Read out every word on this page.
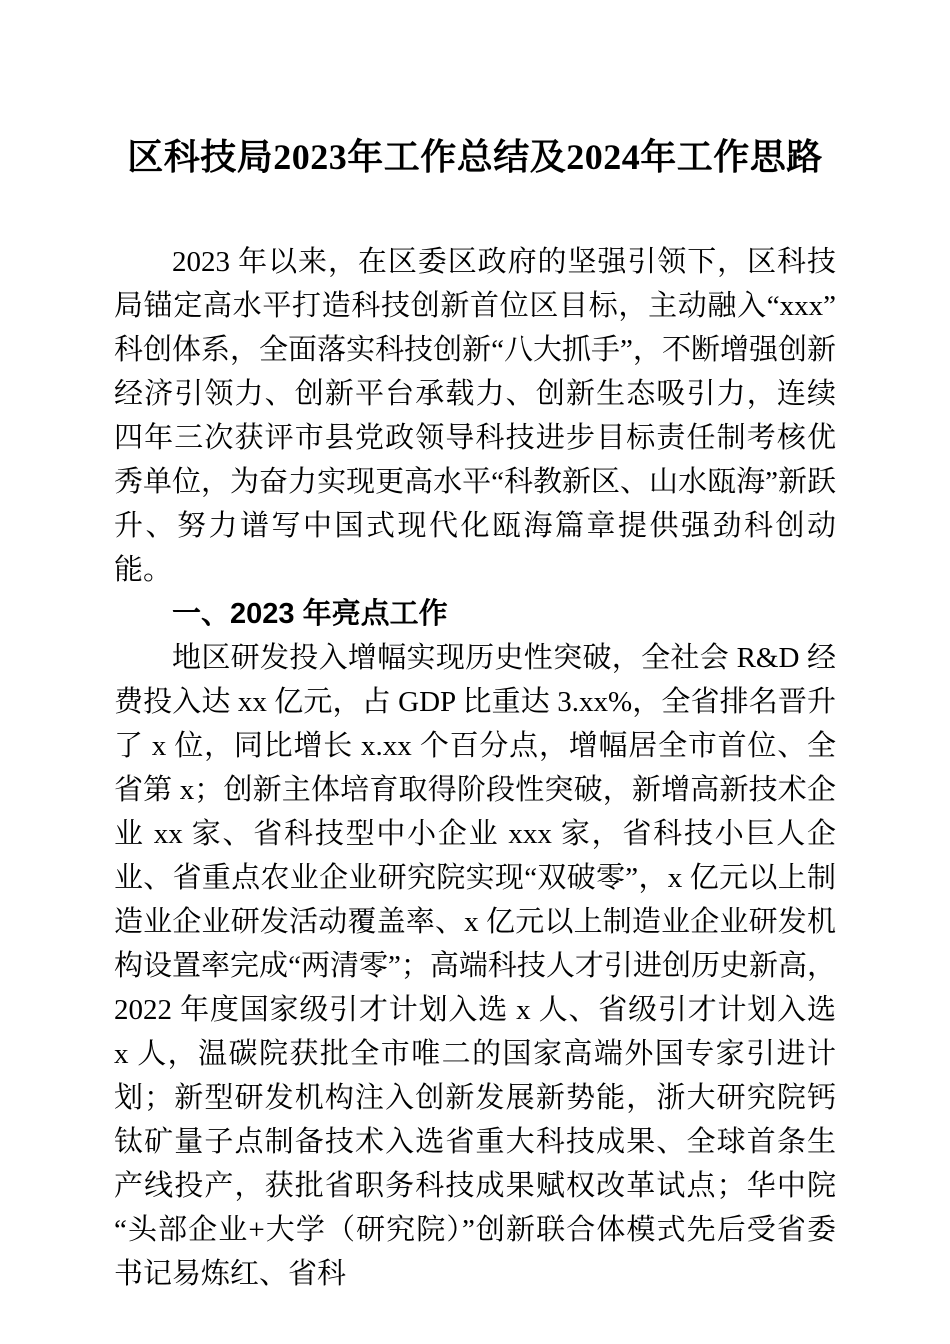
区科技局2023年工作总结及2024年工作思路

2023 年以来，在区委区政府的坚强引领下，区科技局锚定高水平打造科技创新首位区目标，主动融入“xxx”科创体系，全面落实科技创新“八大抓手”，不断增强创新经济引领力、创新平台承载力、创新生态吸引力，连续四年三次获评市县党政领导科技进步目标责任制考核优秀单位，为奋力实现更高水平“科教新区、山水瓯海”新跃升、努力谱写中国式现代化瓯海篇章提供强劲科创动能。

一、2023 年亮点工作

地区研发投入增幅实现历史性突破，全社会 R&D 经费投入达 xx 亿元，占 GDP 比重达 3.xx%，全省排名晋升了 x 位，同比增长 x.xx 个百分点，增幅居全市首位、全省第 x；创新主体培育取得阶段性突破，新增高新技术企业 xx 家、省科技型中小企业 xxx 家，省科技小巨人企业、省重点农业企业研究院实现“双破零”，x 亿元以上制造业企业研发活动覆盖率、x 亿元以上制造业企业研发机构设置率完成“两清零”；高端科技人才引进创历史新高，2022 年度国家级引才计划入选 x 人、省级引才计划入选 x 人，温碳院获批全市唯二的国家高端外国专家引进计划；新型研发机构注入创新发展新势能，浙大研究院钙钛矿量子点制备技术入选省重大科技成果、全球首条生产线投产，获批省职务科技成果赋权改革试点；华中院“头部企业+大学（研究院）”创新联合体模式先后受省委书记易炼红、省科
